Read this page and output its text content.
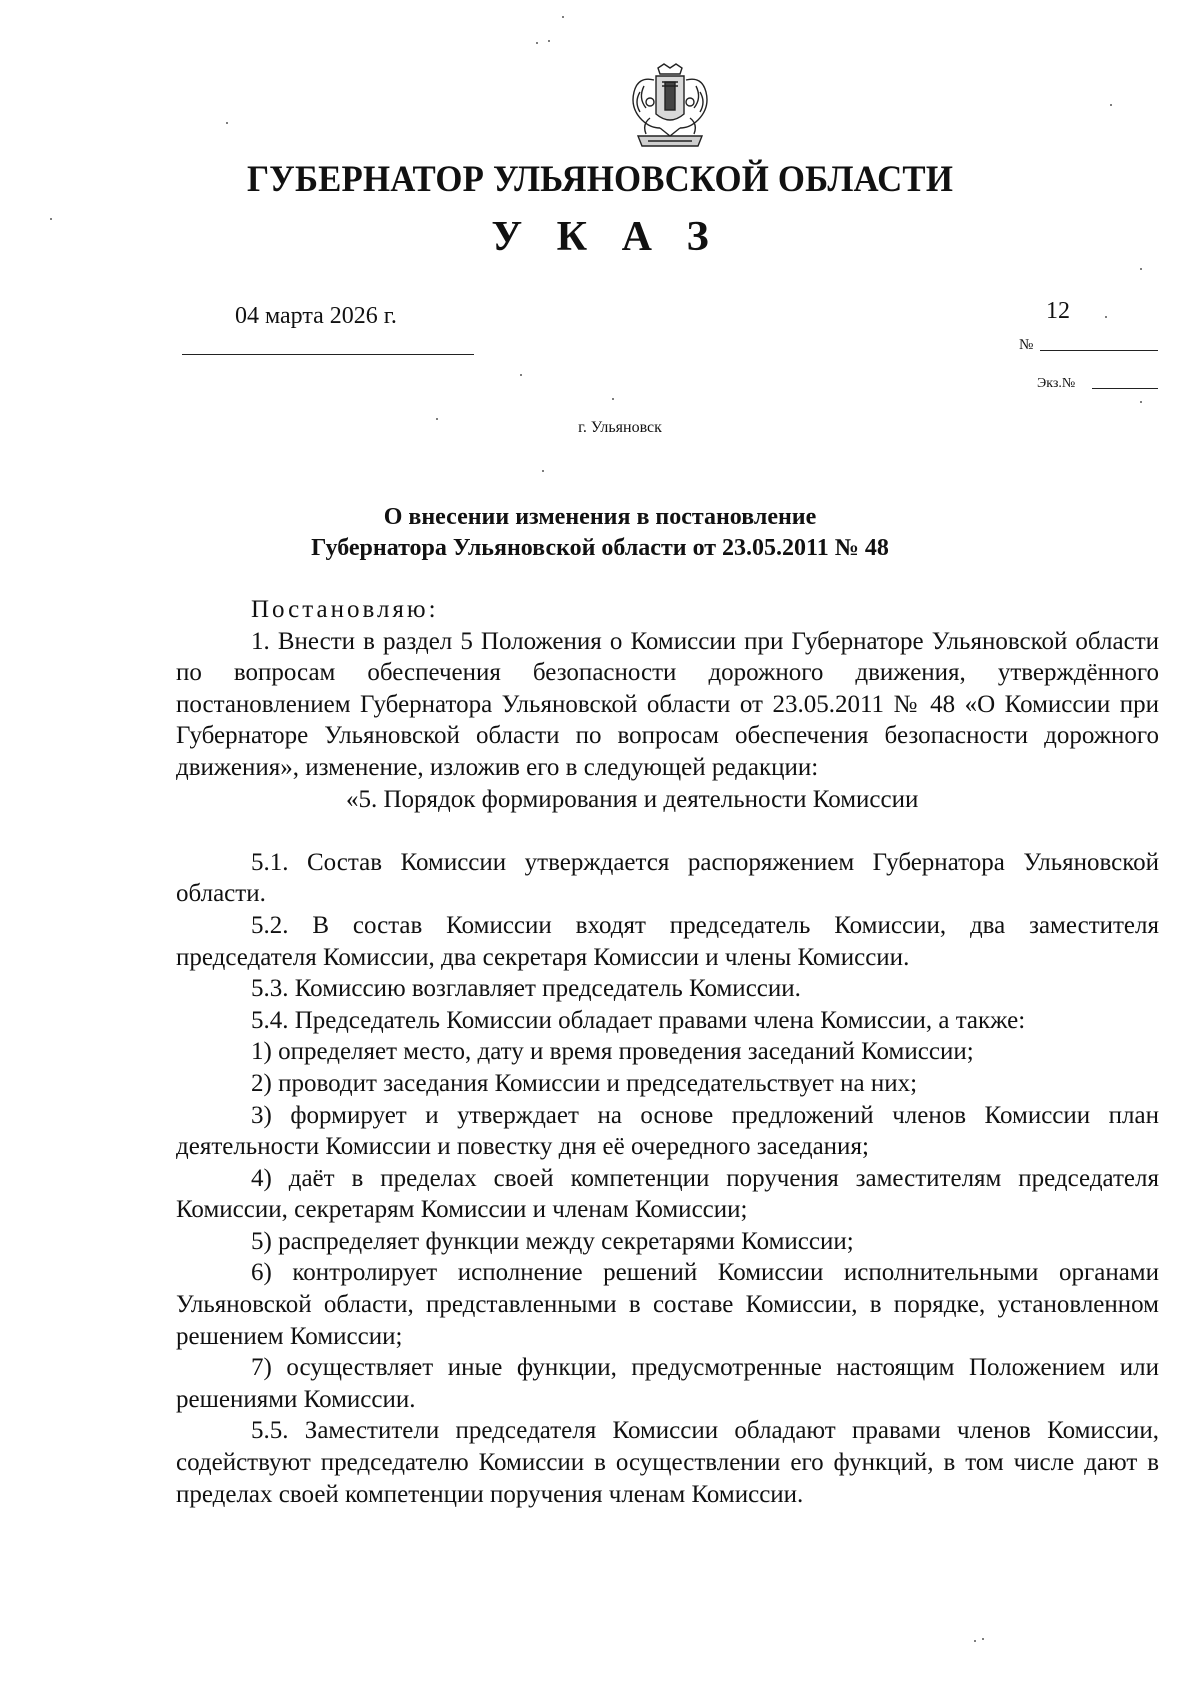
ГУБЕРНАТОР УЛЬЯНОВСКОЙ ОБЛАСТИ
У К А З
04 марта 2026 г.	12
№
Экз.№
г. Ульяновск
О внесении изменения в постановление
Губернатора Ульяновской области от 23.05.2011 № 48

Постановляю:

1. Внести в раздел 5 Положения о Комиссии при Губернаторе Ульяновской области по вопросам обеспечения безопасности дорожного движения, утверждённого постановлением Губернатора Ульяновской области от 23.05.2011 № 48 «О Комиссии при Губернаторе Ульяновской области по вопросам обеспечения безопасности дорожного движения», изменение, изложив его в следующей редакции:

«5. Порядок формирования и деятельности Комиссии

5.1. Состав Комиссии утверждается распоряжением Губернатора Ульяновской области.

5.2. В состав Комиссии входят председатель Комиссии, два заместителя председателя Комиссии, два секретаря Комиссии и члены Комиссии.

5.3. Комиссию возглавляет председатель Комиссии.

5.4. Председатель Комиссии обладает правами члена Комиссии, а также:

1) определяет место, дату и время проведения заседаний Комиссии;

2) проводит заседания Комиссии и председательствует на них;

3) формирует и утверждает на основе предложений членов Комиссии план деятельности Комиссии и повестку дня её очередного заседания;

4) даёт в пределах своей компетенции поручения заместителям председателя Комиссии, секретарям Комиссии и членам Комиссии;

5) распределяет функции между секретарями Комиссии;

6) контролирует исполнение решений Комиссии исполнительными органами Ульяновской области, представленными в составе Комиссии, в порядке, установленном решением Комиссии;

7) осуществляет иные функции, предусмотренные настоящим Положением или решениями Комиссии.

5.5. Заместители председателя Комиссии обладают правами членов Комиссии, содействуют председателю Комиссии в осуществлении его функций, в том числе дают в пределах своей компетенции поручения членам Комиссии.
